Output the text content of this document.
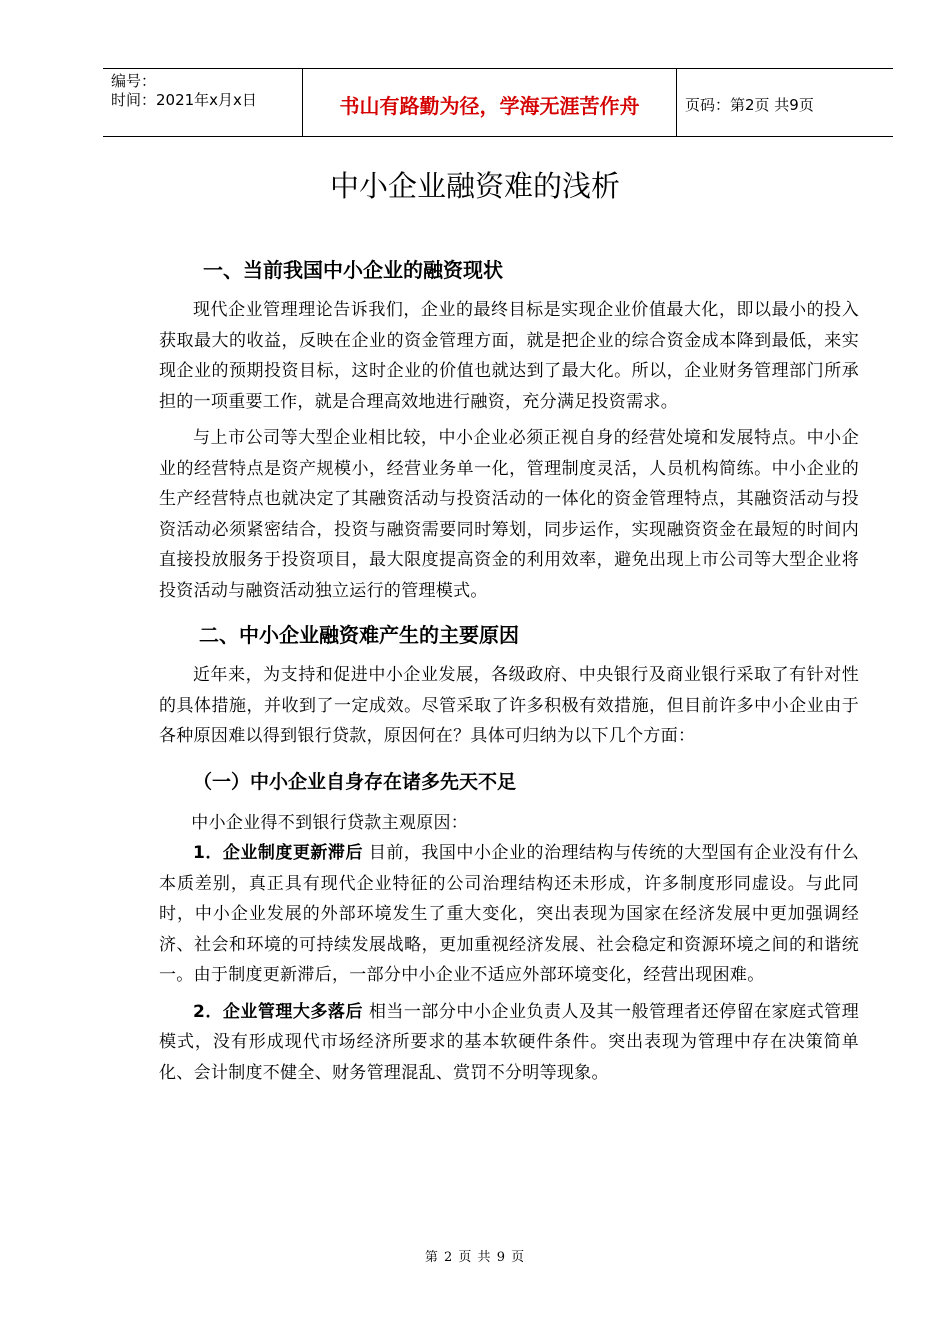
编号：
时间：2021年x月x日	书山有路勤为径，学海无涯苦作舟	页码：第2页 共9页
中小企业融资难的浅析
一、当前我国中小企业的融资现状

现代企业管理理论告诉我们，企业的最终目标是实现企业价值最大化，即以最小的投入获取最大的收益，反映在企业的资金管理方面，就是把企业的综合资金成本降到最低，来实现企业的预期投资目标，这时企业的价值也就达到了最大化。所以，企业财务管理部门所承担的一项重要工作，就是合理高效地进行融资，充分满足投资需求。

与上市公司等大型企业相比较，中小企业必须正视自身的经营处境和发展特点。中小企业的经营特点是资产规模小，经营业务单一化，管理制度灵活，人员机构简练。中小企业的生产经营特点也就决定了其融资活动与投资活动的一体化的资金管理特点，其融资活动与投资活动必须紧密结合，投资与融资需要同时筹划，同步运作，实现融资资金在最短的时间内直接投放服务于投资项目，最大限度提高资金的利用效率，避免出现上市公司等大型企业将投资活动与融资活动独立运行的管理模式。

二、中小企业融资难产生的主要原因

近年来，为支持和促进中小企业发展，各级政府、中央银行及商业银行采取了有针对性的具体措施，并收到了一定成效。尽管采取了许多积极有效措施，但目前许多中小企业由于各种原因难以得到银行贷款，原因何在？具体可归纳为以下几个方面：

（一）中小企业自身存在诸多先天不足

中小企业得不到银行贷款主观原因：

1．企业制度更新滞后 目前，我国中小企业的治理结构与传统的大型国有企业没有什么本质差别，真正具有现代企业特征的公司治理结构还未形成，许多制度形同虚设。与此同时，中小企业发展的外部环境发生了重大变化，突出表现为国家在经济发展中更加强调经济、社会和环境的可持续发展战略，更加重视经济发展、社会稳定和资源环境之间的和谐统一。由于制度更新滞后，一部分中小企业不适应外部环境变化，经营出现困难。

2．企业管理大多落后 相当一部分中小企业负责人及其一般管理者还停留在家庭式管理模式，没有形成现代市场经济所要求的基本软硬件条件。突出表现为管理中存在决策简单化、会计制度不健全、财务管理混乱、赏罚不分明等现象。

第 2 页 共 9 页
